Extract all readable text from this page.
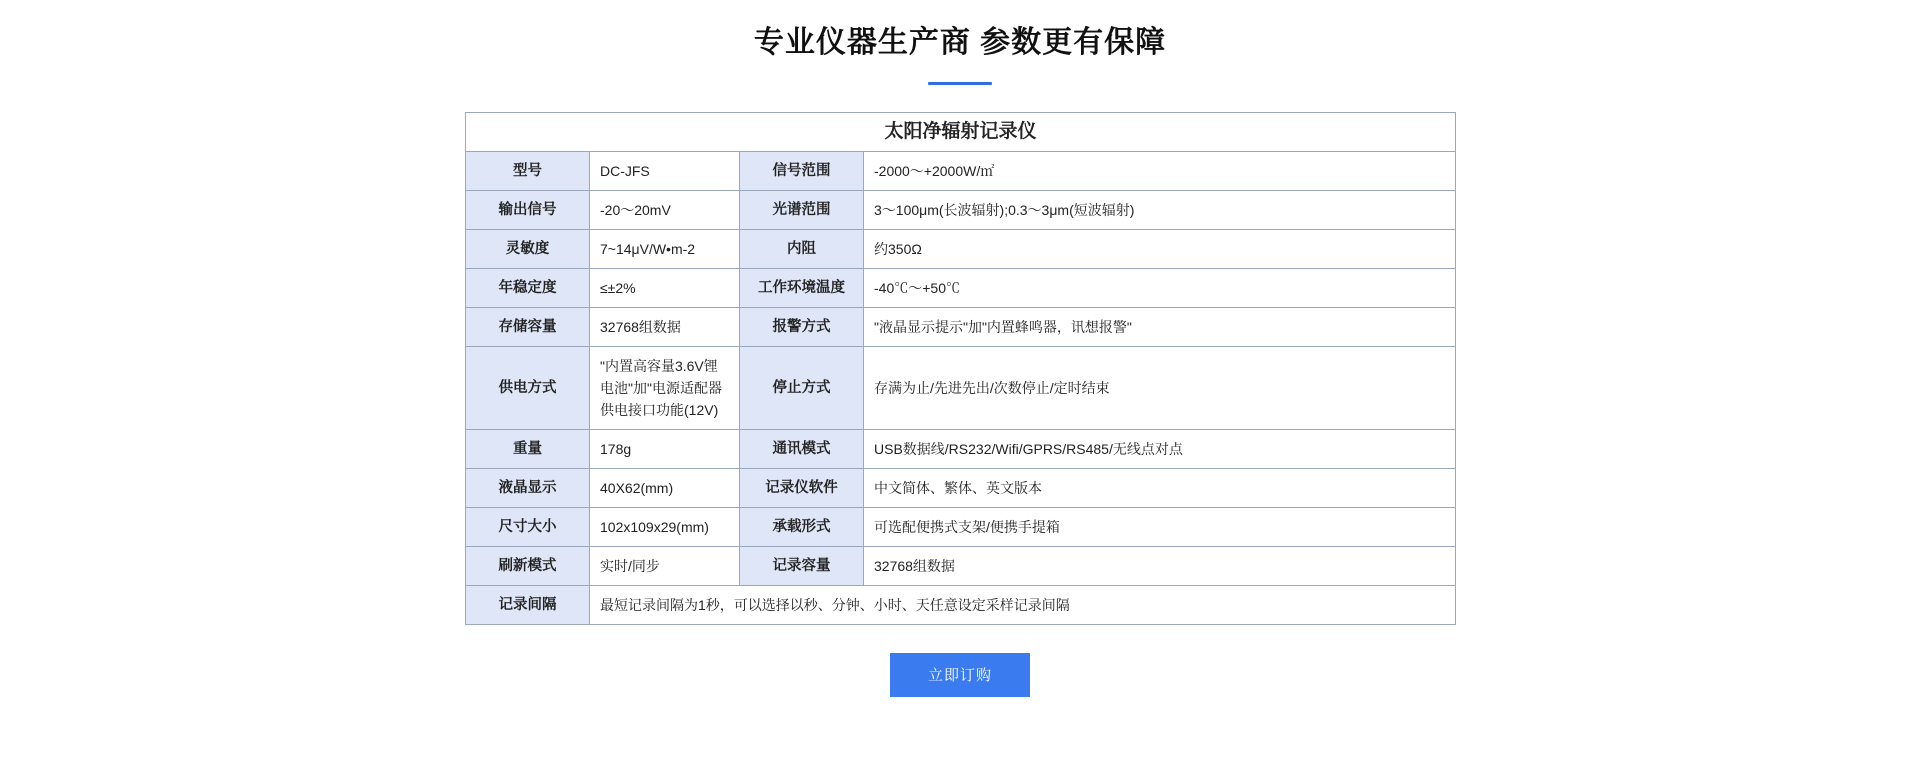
专业仪器生产商 参数更有保障
太阳净辐射记录仪			
型号	DC-JFS	信号范围	-2000～+2000W/㎡
输出信号	-20～20mV	光谱范围	3～100μm(长波辐射);0.3～3μm(短波辐射)
灵敏度	7~14μV/W•m-2	内阻	约350Ω
年稳定度	≤±2%	工作环境温度	-40℃～+50℃
存储容量	32768组数据	报警方式	"液晶显示提示"加"内置蜂鸣器，讯想报警"
供电方式	"内置高容量3.6V锂电池"加"电源适配器供电接口功能(12V)	停止方式	存满为止/先进先出/次数停止/定时结束
重量	178g	通讯模式	USB数据线/RS232/Wifi/GPRS/RS485/无线点对点
液晶显示	40X62(mm)	记录仪软件	中文简体、繁体、英文版本
尺寸大小	102x109x29(mm)	承载形式	可选配便携式支架/便携手提箱
刷新模式	实时/同步	记录容量	32768组数据
记录间隔	最短记录间隔为1秒，可以选择以秒、分钟、小时、天任意设定采样记录间隔		
立即订购
